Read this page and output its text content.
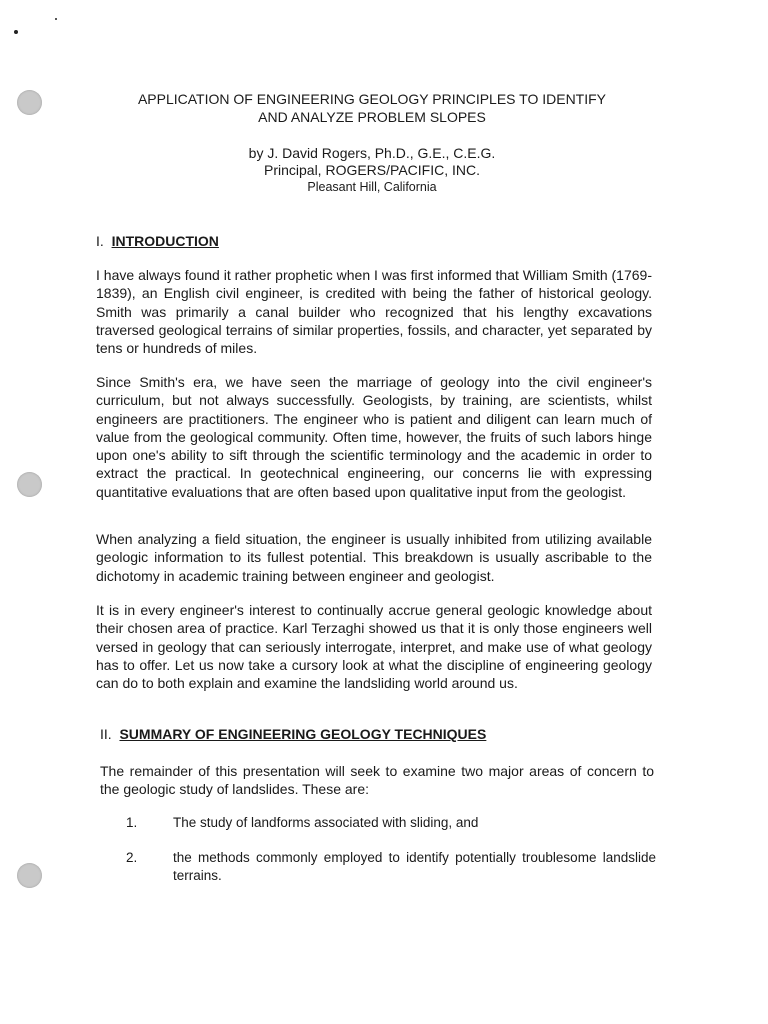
APPLICATION OF ENGINEERING GEOLOGY PRINCIPLES TO IDENTIFY
AND ANALYZE PROBLEM SLOPES
by J. David Rogers, Ph.D., G.E., C.E.G.
Principal, ROGERS/PACIFIC, INC.
Pleasant Hill, California
I. INTRODUCTION
I have always found it rather prophetic when I was first informed that William Smith (1769-1839), an English civil engineer, is credited with being the father of historical geology. Smith was primarily a canal builder who recognized that his lengthy excavations traversed geological terrains of similar properties, fossils, and character, yet separated by tens or hundreds of miles.
Since Smith's era, we have seen the marriage of geology into the civil engineer's curriculum, but not always successfully. Geologists, by training, are scientists, whilst engineers are practitioners. The engineer who is patient and diligent can learn much of value from the geological community. Often time, however, the fruits of such labors hinge upon one's ability to sift through the scientific terminology and the academic in order to extract the practical. In geotechnical engineering, our concerns lie with expressing quantitative evaluations that are often based upon qualitative input from the geologist.
When analyzing a field situation, the engineer is usually inhibited from utilizing available geologic information to its fullest potential. This breakdown is usually ascribable to the dichotomy in academic training between engineer and geologist.
It is in every engineer's interest to continually accrue general geologic knowledge about their chosen area of practice. Karl Terzaghi showed us that it is only those engineers well versed in geology that can seriously interrogate, interpret, and make use of what geology has to offer. Let us now take a cursory look at what the discipline of engineering geology can do to both explain and examine the landsliding world around us.
II. SUMMARY OF ENGINEERING GEOLOGY TECHNIQUES
The remainder of this presentation will seek to examine two major areas of concern to the geologic study of landslides. These are:
1.	The study of landforms associated with sliding, and
2.	the methods commonly employed to identify potentially troublesome landslide terrains.
